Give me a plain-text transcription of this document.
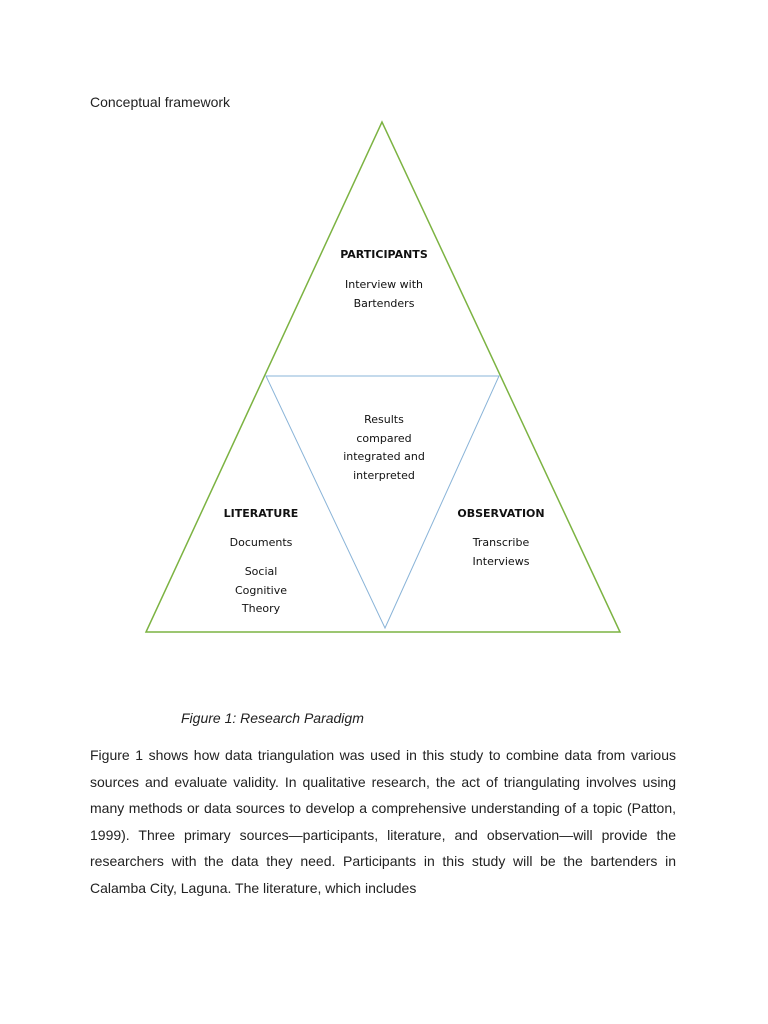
Conceptual framework
PARTICIPANTS
Interview with
Bartenders
Results
compared
integrated and
interpreted
LITERATURE
Documents
Social
Cognitive
Theory
OBSERVATION
Transcribe
Interviews
Figure 1: Research Paradigm

Figure 1 shows how data triangulation was used in this study to combine data from various sources and evaluate validity. In qualitative research, the act of triangulating involves using many methods or data sources to develop a comprehensive understanding of a topic (Patton, 1999). Three primary sources—participants, literature, and observation—will provide the researchers with the data they need. Participants in this study will be the bartenders in Calamba City, Laguna. The literature, which includes
